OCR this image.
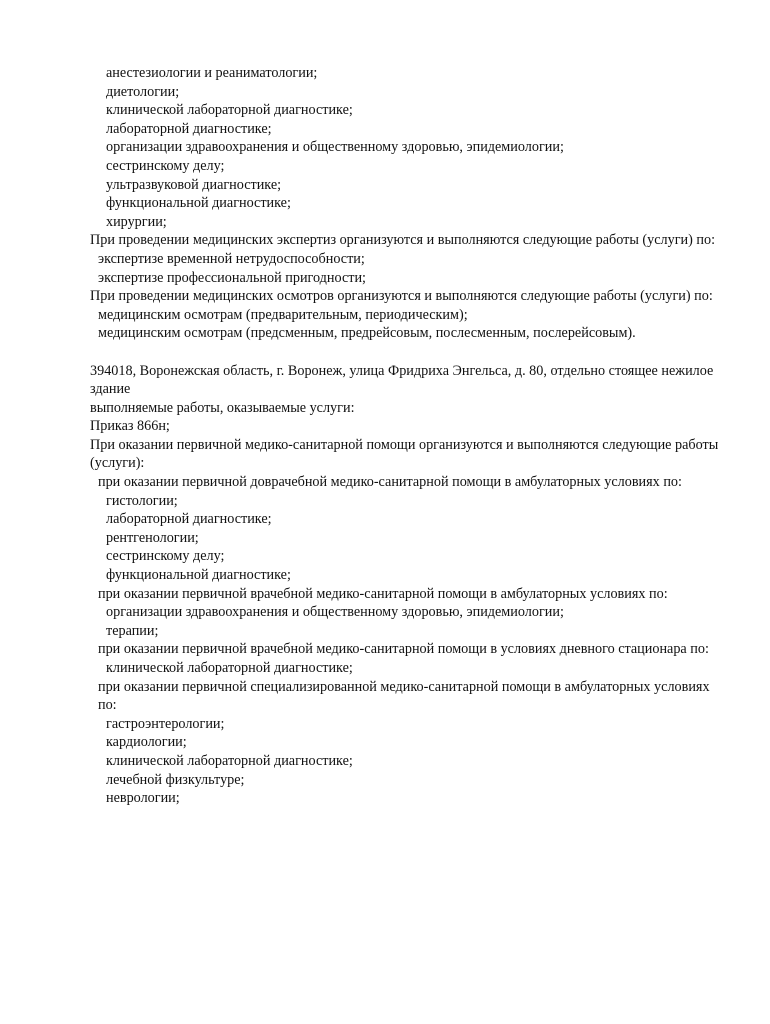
анестезиологии и реаниматологии;
диетологии;
клинической лабораторной диагностике;
лабораторной диагностике;
организации здравоохранения и общественному здоровью, эпидемиологии;
сестринскому делу;
ультразвуковой диагностике;
функциональной диагностике;
хирургии;
При проведении медицинских экспертиз организуются и выполняются следующие работы (услуги) по:
экспертизе временной нетрудоспособности;
экспертизе профессиональной пригодности;
При проведении медицинских осмотров организуются и выполняются следующие работы (услуги) по:
медицинским осмотрам (предварительным, периодическим);
медицинским осмотрам (предсменным, предрейсовым, послесменным, послерейсовым).
394018, Воронежская область, г. Воронеж, улица Фридриха Энгельса, д. 80, отдельно стоящее нежилое здание
выполняемые работы, оказываемые услуги:
Приказ 866н;
При оказании первичной медико-санитарной помощи организуются и выполняются следующие работы (услуги):
при оказании первичной доврачебной медико-санитарной помощи в амбулаторных условиях по:
гистологии;
лабораторной диагностике;
рентгенологии;
сестринскому делу;
функциональной диагностике;
при оказании первичной врачебной медико-санитарной помощи в амбулаторных условиях по:
организации здравоохранения и общественному здоровью, эпидемиологии;
терапии;
при оказании первичной врачебной медико-санитарной помощи в условиях дневного стационара по:
клинической лабораторной диагностике;
при оказании первичной специализированной медико-санитарной помощи в амбулаторных условиях по:
гастроэнтерологии;
кардиологии;
клинической лабораторной диагностике;
лечебной физкультуре;
неврологии;
